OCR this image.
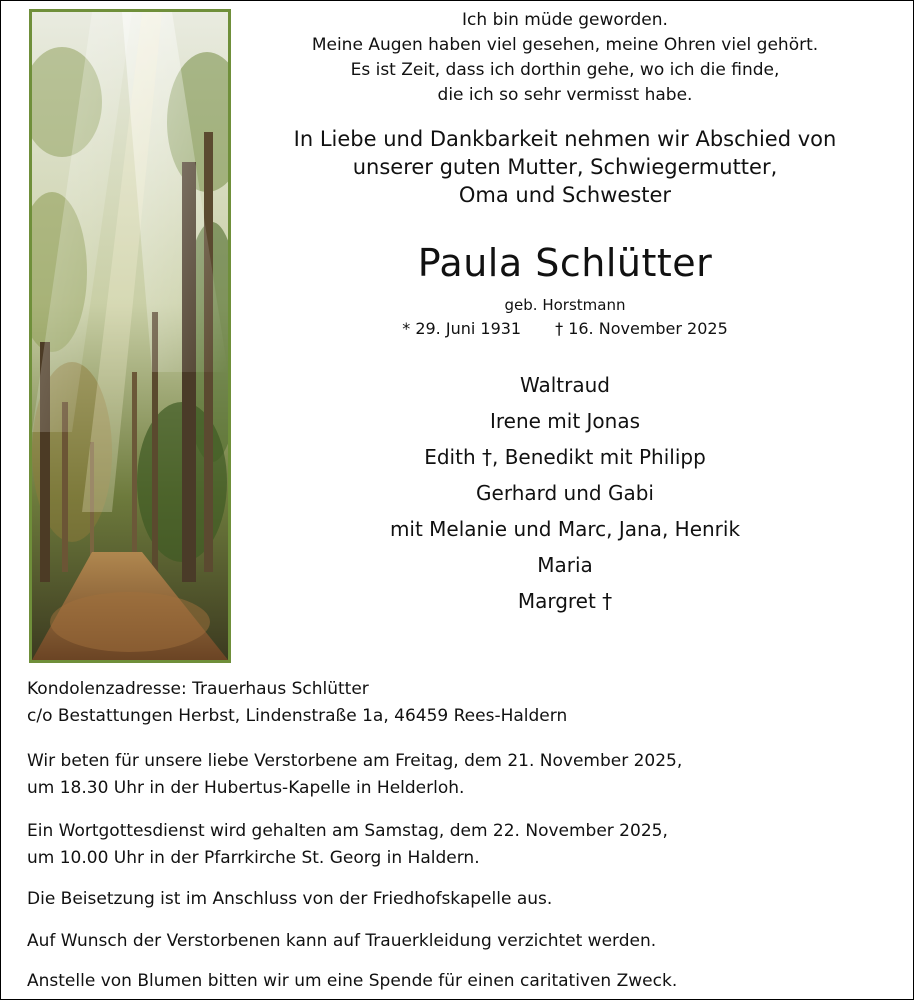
Ich bin müde geworden.
Meine Augen haben viel gesehen, meine Ohren viel gehört.
Es ist Zeit, dass ich dorthin gehe, wo ich die finde,
die ich so sehr vermisst habe.
In Liebe und Dankbarkeit nehmen wir Abschied von
unserer guten Mutter, Schwiegermutter,
Oma und Schwester
Paula Schlütter
geb. Horstmann
* 29. Juni 1931 † 16. November 2025
Waltraud
Irene mit Jonas
Edith †, Benedikt mit Philipp
Gerhard und Gabi
mit Melanie und Marc, Jana, Henrik
Maria
Margret †
Kondolenzadresse: Trauerhaus Schlütter
c/o Bestattungen Herbst, Lindenstraße 1a, 46459 Rees-Haldern
Wir beten für unsere liebe Verstorbene am Freitag, dem 21. November 2025,
um 18.30 Uhr in der Hubertus-Kapelle in Helderloh.
Ein Wortgottesdienst wird gehalten am Samstag, dem 22. November 2025,
um 10.00 Uhr in der Pfarrkirche St. Georg in Haldern.
Die Beisetzung ist im Anschluss von der Friedhofskapelle aus.
Auf Wunsch der Verstorbenen kann auf Trauerkleidung verzichtet werden.
Anstelle von Blumen bitten wir um eine Spende für einen caritativen Zweck.
